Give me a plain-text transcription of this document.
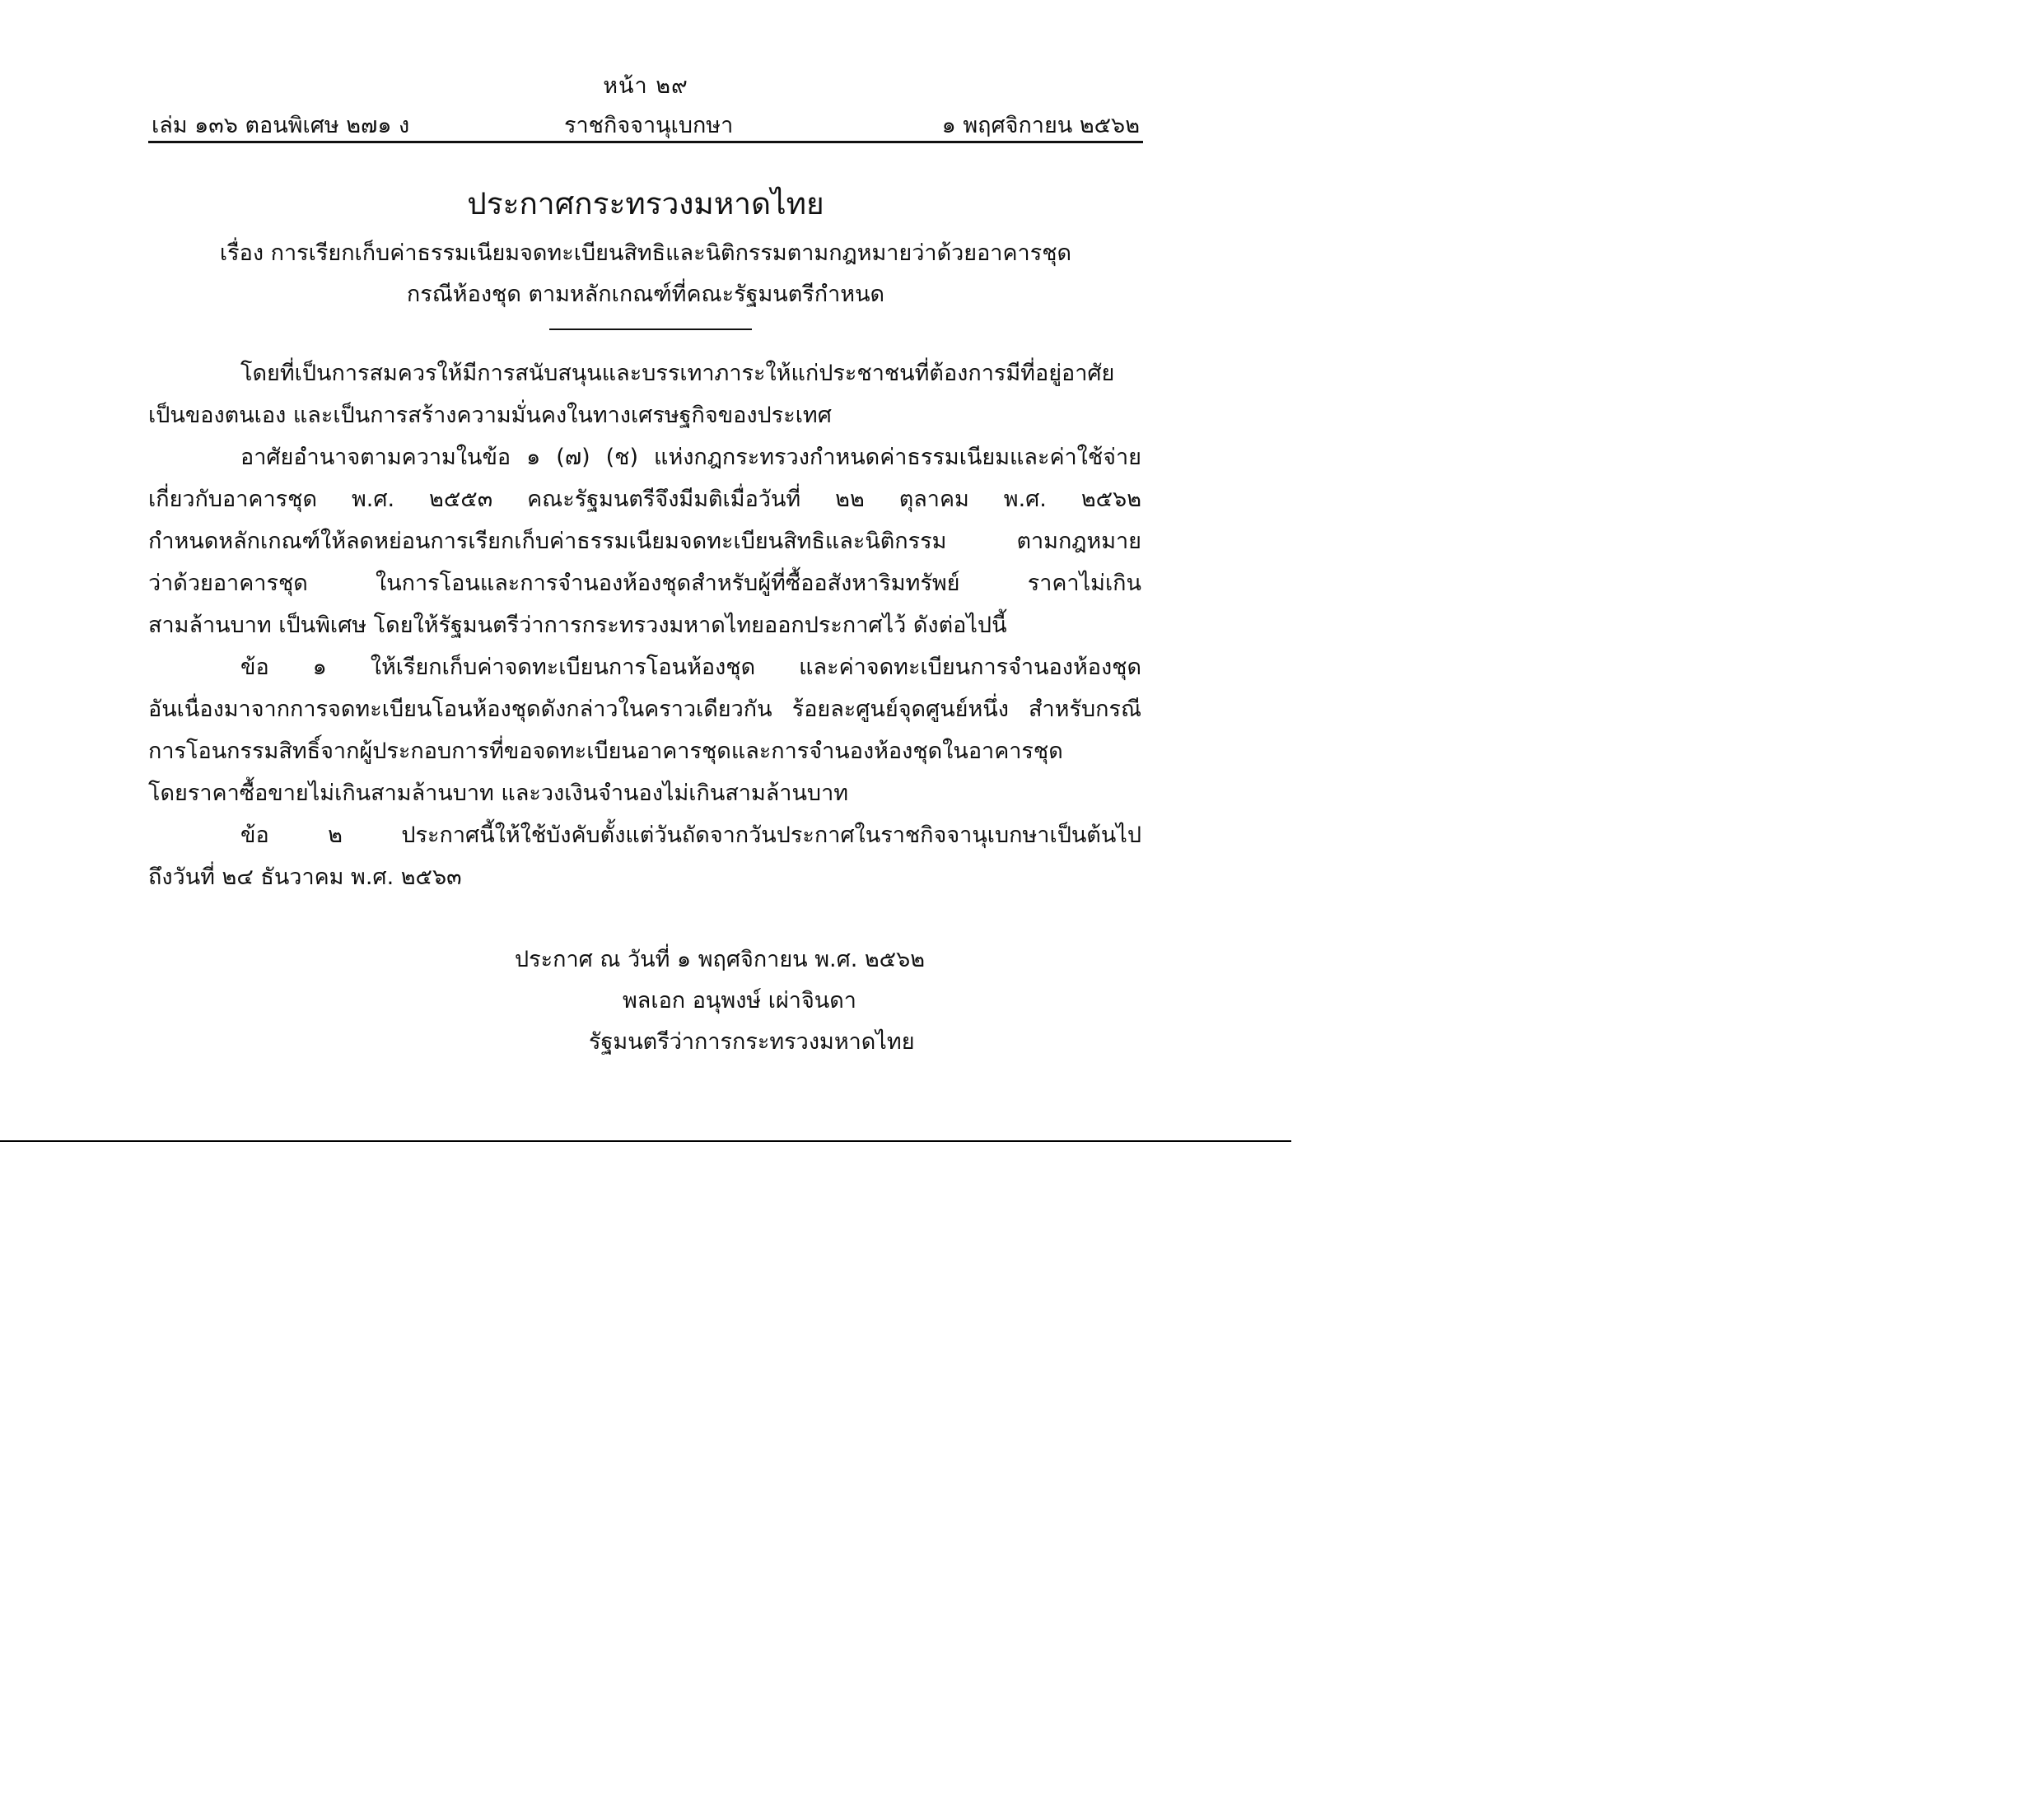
หน้า ๒๙
เล่ม ๑๓๖ ตอนพิเศษ ๒๗๑ ง	ราชกิจจานุเบกษา	๑ พฤศจิกายน ๒๕๖๒
ประกาศกระทรวงมหาดไทย
เรื่อง การเรียกเก็บค่าธรรมเนียมจดทะเบียนสิทธิและนิติกรรมตามกฎหมายว่าด้วยอาคารชุด
กรณีห้องชุด ตามหลักเกณฑ์ที่คณะรัฐมนตรีกำหนด
โดยที่เป็นการสมควรให้มีการสนับสนุนและบรรเทาภาระให้แก่ประชาชนที่ต้องการมีที่อยู่อาศัย
เป็นของตนเอง และเป็นการสร้างความมั่นคงในทางเศรษฐกิจของประเทศ
อาศัยอำนาจตามความในข้อ ๑ (๗) (ช) แห่งกฎกระทรวงกำหนดค่าธรรมเนียมและค่าใช้จ่าย
เกี่ยวกับอาคารชุด พ.ศ. ๒๕๕๓ คณะรัฐมนตรีจึงมีมติเมื่อวันที่ ๒๒ ตุลาคม พ.ศ. ๒๕๖๒
กำหนดหลักเกณฑ์ให้ลดหย่อนการเรียกเก็บค่าธรรมเนียมจดทะเบียนสิทธิและนิติกรรม ตามกฎหมาย
ว่าด้วยอาคารชุด ในการโอนและการจำนองห้องชุดสำหรับผู้ที่ซื้ออสังหาริมทรัพย์ ราคาไม่เกิน
สามล้านบาท เป็นพิเศษ โดยให้รัฐมนตรีว่าการกระทรวงมหาดไทยออกประกาศไว้ ดังต่อไปนี้
ข้อ ๑ ให้เรียกเก็บค่าจดทะเบียนการโอนห้องชุด และค่าจดทะเบียนการจำนองห้องชุด
อันเนื่องมาจากการจดทะเบียนโอนห้องชุดดังกล่าวในคราวเดียวกัน ร้อยละศูนย์จุดศูนย์หนึ่ง สำหรับกรณี
การโอนกรรมสิทธิ์จากผู้ประกอบการที่ขอจดทะเบียนอาคารชุดและการจำนองห้องชุดในอาคารชุด
โดยราคาซื้อขายไม่เกินสามล้านบาท และวงเงินจำนองไม่เกินสามล้านบาท
ข้อ ๒ ประกาศนี้ให้ใช้บังคับตั้งแต่วันถัดจากวันประกาศในราชกิจจานุเบกษาเป็นต้นไป
ถึงวันที่ ๒๔ ธันวาคม พ.ศ. ๒๕๖๓
ประกาศ ณ วันที่ ๑ พฤศจิกายน พ.ศ. ๒๕๖๒
พลเอก อนุพงษ์ เผ่าจินดา
รัฐมนตรีว่าการกระทรวงมหาดไทย
